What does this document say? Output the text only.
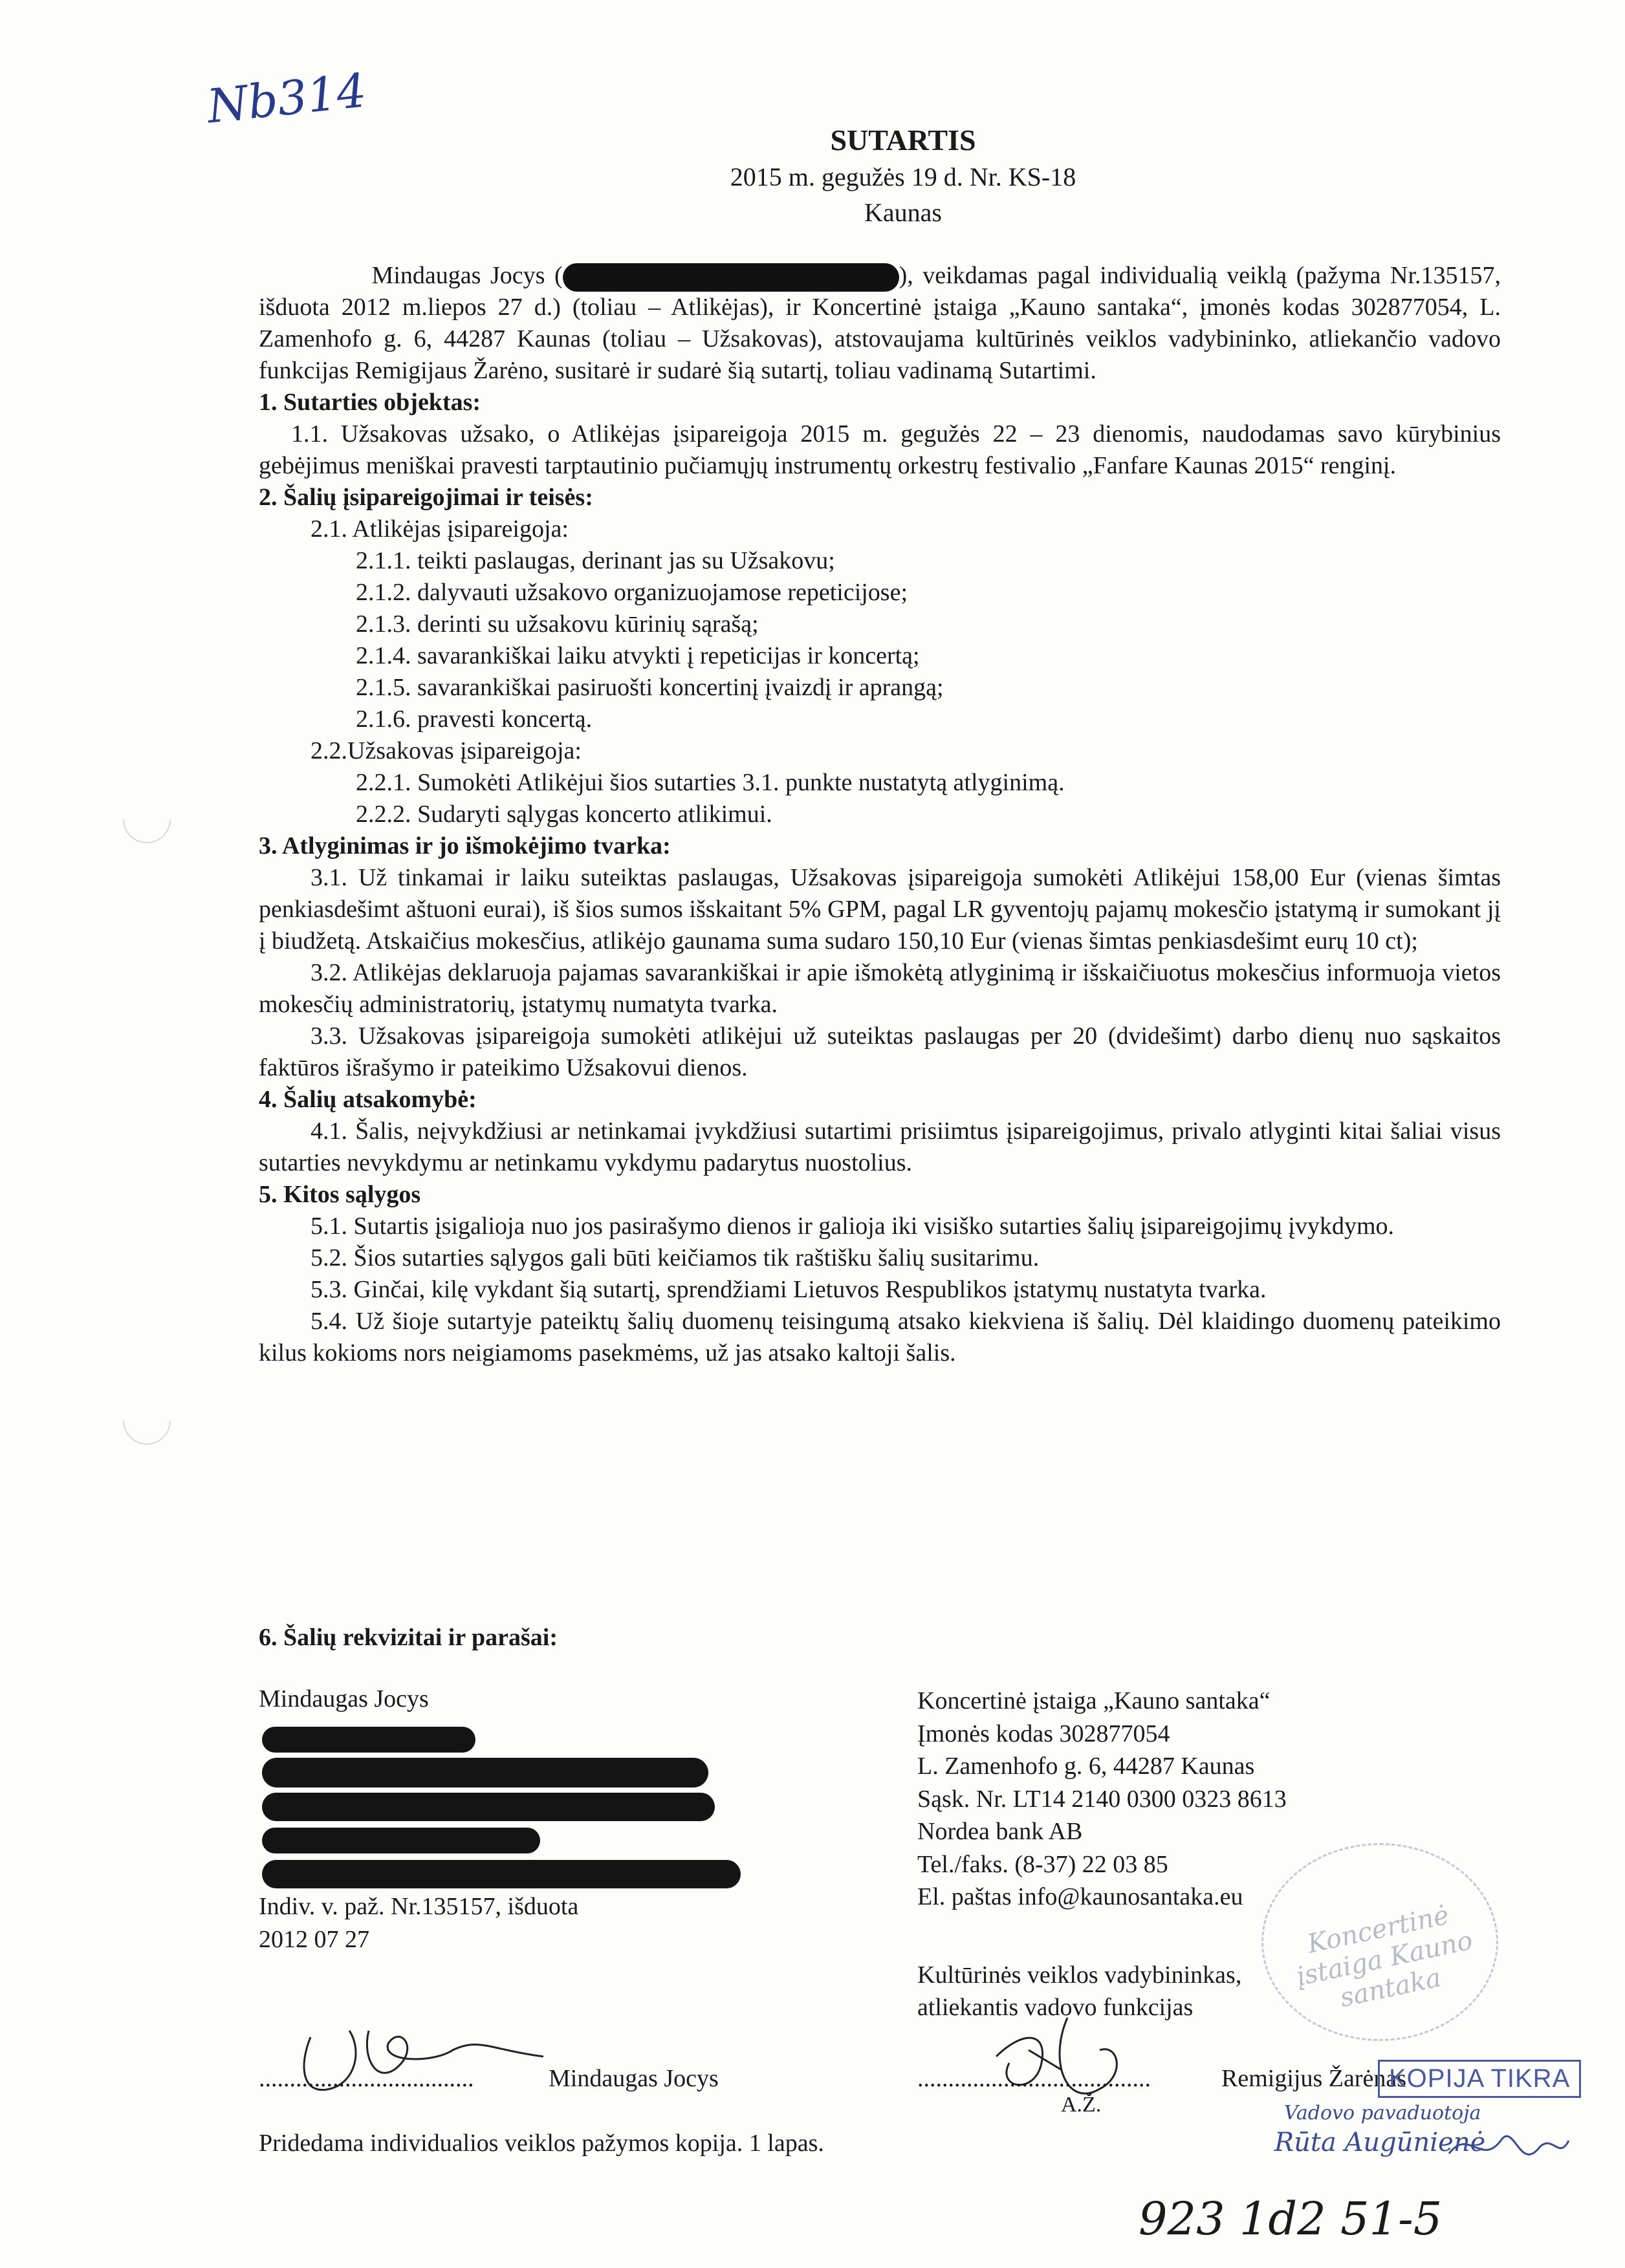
Nb314
SUTARTIS
2015 m. gegužės 19 d. Nr. KS-18
Kaunas

Mindaugas Jocys (	), veikdamas pagal individualią veiklą (pažyma Nr.135157, išduota 2012 m.liepos 27 d.) (toliau – Atlikėjas), ir Koncertinė įstaiga „Kauno santaka“, įmonės kodas 302877054, L. Zamenhofo g. 6, 44287 Kaunas (toliau – Užsakovas), atstovaujama kultūrinės veiklos vadybininko, atliekančio vadovo funkcijas Remigijaus Žarėno, susitarė ir sudarė šią sutartį, toliau vadinamą Sutartimi.

1. Sutarties objektas:

1.1. Užsakovas užsako, o Atlikėjas įsipareigoja 2015 m. gegužės 22 – 23 dienomis, naudodamas savo kūrybinius gebėjimus meniškai pravesti tarptautinio pučiamųjų instrumentų orkestrų festivalio „Fanfare Kaunas 2015“ renginį.

2. Šalių įsipareigojimai ir teisės:

2.1. Atlikėjas įsipareigoja:

2.1.1. teikti paslaugas, derinant jas su Užsakovu;

2.1.2. dalyvauti užsakovo organizuojamose repeticijose;

2.1.3. derinti su užsakovu kūrinių sąrašą;

2.1.4. savarankiškai laiku atvykti į repeticijas ir koncertą;

2.1.5. savarankiškai pasiruošti koncertinį įvaizdį ir aprangą;

2.1.6. pravesti koncertą.

2.2.Užsakovas įsipareigoja:

2.2.1. Sumokėti Atlikėjui šios sutarties 3.1. punkte nustatytą atlyginimą.

2.2.2. Sudaryti sąlygas koncerto atlikimui.

3. Atlyginimas ir jo išmokėjimo tvarka:

3.1. Už tinkamai ir laiku suteiktas paslaugas, Užsakovas įsipareigoja sumokėti Atlikėjui 158,00 Eur (vienas šimtas penkiasdešimt aštuoni eurai), iš šios sumos išskaitant 5% GPM, pagal LR gyventojų pajamų mokesčio įstatymą ir sumokant jį į biudžetą. Atskaičius mokesčius, atlikėjo gaunama suma sudaro 150,10 Eur (vienas šimtas penkiasdešimt eurų 10 ct);

3.2. Atlikėjas deklaruoja pajamas savarankiškai ir apie išmokėtą atlyginimą ir išskaičiuotus mokesčius informuoja vietos mokesčių administratorių, įstatymų numatyta tvarka.

3.3. Užsakovas įsipareigoja sumokėti atlikėjui už suteiktas paslaugas per 20 (dvidešimt) darbo dienų nuo sąskaitos faktūros išrašymo ir pateikimo Užsakovui dienos.

4. Šalių atsakomybė:

4.1. Šalis, neįvykdžiusi ar netinkamai įvykdžiusi sutartimi prisiimtus įsipareigojimus, privalo atlyginti kitai šaliai visus sutarties nevykdymu ar netinkamu vykdymu padarytus nuostolius.

5. Kitos sąlygos

5.1. Sutartis įsigalioja nuo jos pasirašymo dienos ir galioja iki visiško sutarties šalių įsipareigojimų įvykdymo.

5.2. Šios sutarties sąlygos gali būti keičiamos tik raštišku šalių susitarimu.

5.3. Ginčai, kilę vykdant šią sutartį, sprendžiami Lietuvos Respublikos įstatymų nustatyta tvarka.

5.4. Už šioje sutartyje pateiktų šalių duomenų teisingumą atsako kiekviena iš šalių. Dėl klaidingo duomenų pateikimo kilus kokioms nors neigiamoms pasekmėms, už jas atsako kaltoji šalis.

6. Šalių rekvizitai ir parašai:
Mindaugas Jocys
Indiv. v. paž. Nr.135157, išduota
2012 07 27
...................................	Mindaugas Jocys
Koncertinė įstaiga „Kauno santaka“
Įmonės kodas 302877054
L. Zamenhofo g. 6, 44287 Kaunas
Sąsk. Nr. LT14 2140 0300 0323 8613
Nordea bank AB
Tel./faks. (8-37) 22 03 85
El. paštas info@kaunosantaka.eu
Kultūrinės veiklos vadybininkas,
atliekantis vadovo funkcijas
Koncertinė įstaiga Kauno santaka
......................................	Remigijus Žarėnas
A.Ž.
KOPIJA TIKRA
Vadovo pavaduotoja
Rūta Augūnienė
Pridedama individualios veiklos pažymos kopija. 1 lapas.
923 1d2 51-5
